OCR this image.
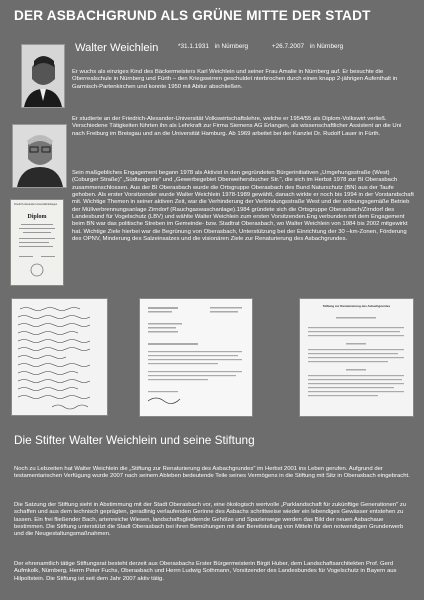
DER ASBACHGRUND ALS GRÜNE MITTE DER STADT
Walter Weichlein	*31.1.1931 in Nürnberg	+26.7.2007 in Nürnberg
Er wuchs als einziges Kind des Bäckermeisters Karl Weichlein und seiner Frau Amalie in Nürnberg auf. Er besuchte die Oberrealschule in Nürnberg und Fürth – den Kriegswirren geschuldet nterbrochen durch einen knapp 2-jährigen Aufenthalt in Garmisch-Partenkirchen und konnte 1950 mit Abitur abschließen.
Er studierte an der Friedrich-Alexander-Universität Volkswirtschaftslehre, welche er 1954/55 als Diplom-Volkswirt verließ. Verschiedene Tätigkeiten führten ihn als Lehrkraft zur Firma Siemens AG Erlangen, als wissenschaftlicher Assistent an die Uni nach Freiburg im Breisgau und an die Universität Hamburg. Ab 1969 arbeitet bei der Kanzlei Dr. Rudolf Lauer in Fürth.
Friedrich-Alexander-Universität Erlangen
Diplom
Sein maßgebliches Engagement begann 1978 als Aktivist in den gegründeten Bürgerinitiativen „Umgehungsstraße (West) (Coburger Straße)" „Südtangente" und „Gewerbegebiet Oberweihersbucher Str.", die sich im Herbst 1978 zur BI Oberasbach zusammenschlossen. Aus der BI Oberasbach wurde die Ortsgruppe Oberasbach des Bund Naturschutz (BN) aus der Taufe gehoben. Als erster Vorsitzender wurde Walter Weichlein 1978-1989 gewählt, danach wirkte er noch bis 1994 in der Vorstandschaft mit. Wichtige Themen in seiner aktiven Zeit, war die Verhinderung der Verbindungsstraße West und der ordnungsgemäße Betrieb der Müllverbrennungsanlage Zirndorf (Rauchgaswaschanlage).1984 gründete sich die Ortsgruppe Oberasbach/Zirndorf des Landesbund für Vogelschutz (LBV) und wählte Walter Weichlein zum ersten Vorsitzenden.Eng verbunden mit dem Engagement beim BN war das politische Streben im Gemeinde- bzw. Stadtrat Oberasbach, wo Walter Weichlein von 1984 bis 2002 mitgewirkt hat. Wichtige Ziele hierbei war die Begrünung von Oberasbach, Unterstützung bei der Einrichtung der 30 –km-Zonen, Förderung des OPNV, Minderung des Salzeinsatzes und die visionären Ziele zur Renaturierung des Asbachgrundes.
Stiftung zur Renaturierung des Asbachgrundes
Die Stifter Walter Weichlein und seine Stiftung
Noch zu Lebzeiten hat Walter Weichlein die „Stiftung zur Renaturierung des Asbachgrundes" im Herbst 2001 ins Leben gerufen. Aufgrund der testamentarischen Verfügung wurde 2007 nach seinem Ableben bedeutende Teile seines Vermögens in die Stiftung mit Sitz in Oberasbach eingebracht.
Die Satzung der Stiftung sieht in Abstimmung mit der Stadt Oberasbach vor, eine ökologisch wertvolle „Parklandschaft für zukünftige Generationen" zu schaffen und aus dem technisch geprägten, geradlinig verlaufenden Gerinne des Asbachs schrittweise wieder ein lebendiges Gewässer entstehen zu lassen. Ein frei fließender Bach, artenreiche Wiesen, landschaftsgliedernde Gehölze und Spazierwege werden das Bild der neuen Asbachaue bestimmen. Die Stiftung unterstützt die Stadt Oberasbach bei ihren Bemühungen mit der Bereitstellung von Mitteln für den notwendigen Grunderwerb und die Neugestaltungsmaßnahmen.
Der ehrenamtlich tätige Stiftungsrat besteht derzeit aus Oberasbachs Erster Bürgermeisterin Birgit Huber, dem Landschaftsarchitekten Prof. Gerd Aufmkolk, Nürnberg, Herrn Peter Fuchs, Oberasbach und Herrn Ludwig Sothmann, Vorsitzender des Landesbundes für Vogelschutz in Bayern aus Hilpoltstein. Die Stiftung ist seit dem Jahr 2007 aktiv tätig.
